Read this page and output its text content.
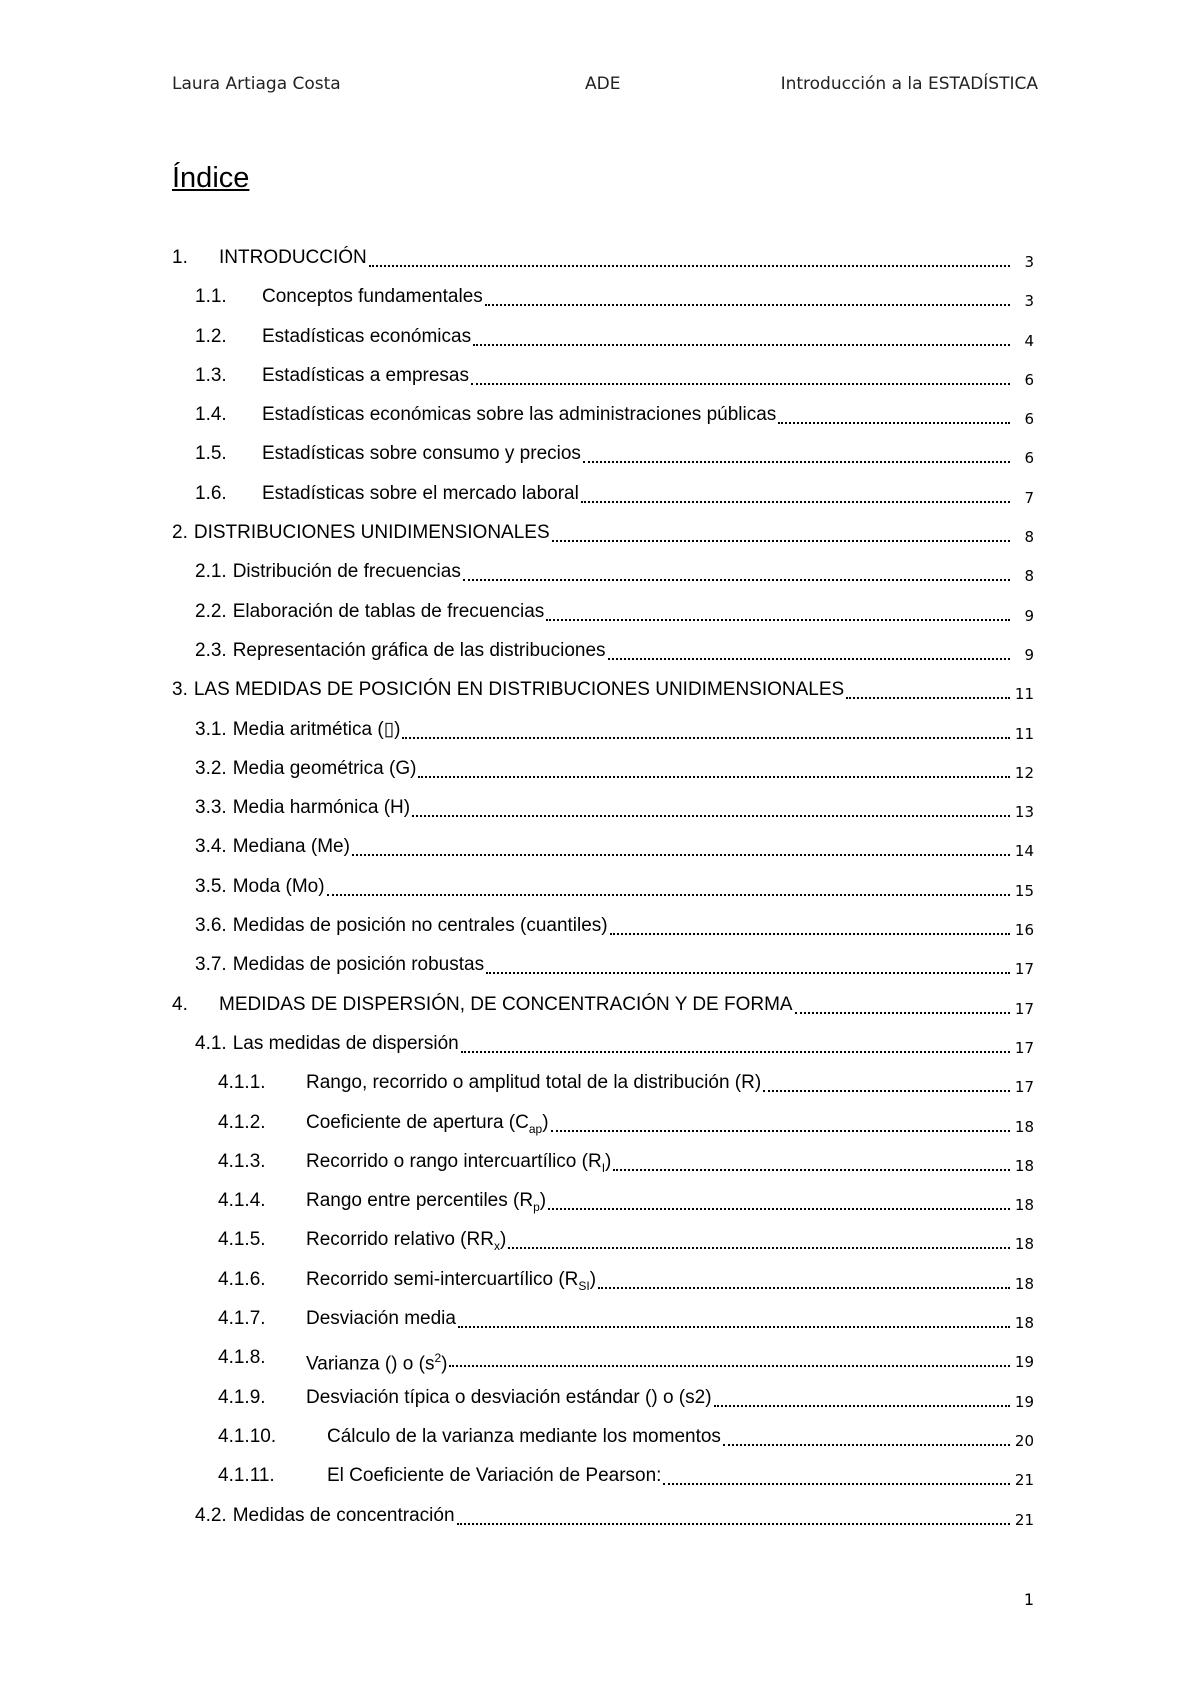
Laura Artiaga Costa	ADE	Introducción a la ESTADÍSTICA
Índice
1.	INTRODUCCIÓN	3
1.1.	Conceptos fundamentales	3
1.2.	Estadísticas económicas	4
1.3.	Estadísticas a empresas	6
1.4.	Estadísticas económicas sobre las administraciones públicas	6
1.5.	Estadísticas sobre consumo y precios	6
1.6.	Estadísticas sobre el mercado laboral	7
2. DISTRIBUCIONES UNIDIMENSIONALES	8
2.1. Distribución de frecuencias	8
2.2. Elaboración de tablas de frecuencias	9
2.3. Representación gráfica de las distribuciones	9
3. LAS MEDIDAS DE POSICIÓN EN DISTRIBUCIONES UNIDIMENSIONALES	11
3.1. Media aritmética (▯)	11
3.2. Media geométrica (G)	12
3.3. Media harmónica (H)	13
3.4. Mediana (Me)	14
3.5. Moda (Mo)	15
3.6. Medidas de posición no centrales (cuantiles)	16
3.7. Medidas de posición robustas	17
4.	MEDIDAS DE DISPERSIÓN, DE CONCENTRACIÓN Y DE FORMA	17
4.1. Las medidas de dispersión	17
4.1.1.	Rango, recorrido o amplitud total de la distribución (R)	17
4.1.2.	Coeficiente de apertura $(C_{ap})$	18
4.1.3.	Recorrido o rango intercuartílico $(R_I)$	18
4.1.4.	Rango entre percentiles $(R_p)$	18
4.1.5.	Recorrido relativo $(RR_x)$	18
4.1.6.	Recorrido semi-intercuartílico $(R_{SI})$	18
4.1.7.	Desviación media	18
4.1.8.	Varianza () o $(s^2)$	19
4.1.9.	Desviación típica o desviación estándar () o (s2)	19
4.1.10.	Cálculo de la varianza mediante los momentos	20
4.1.11.	El Coeficiente de Variación de Pearson:	21
4.2. Medidas de concentración	21
1
